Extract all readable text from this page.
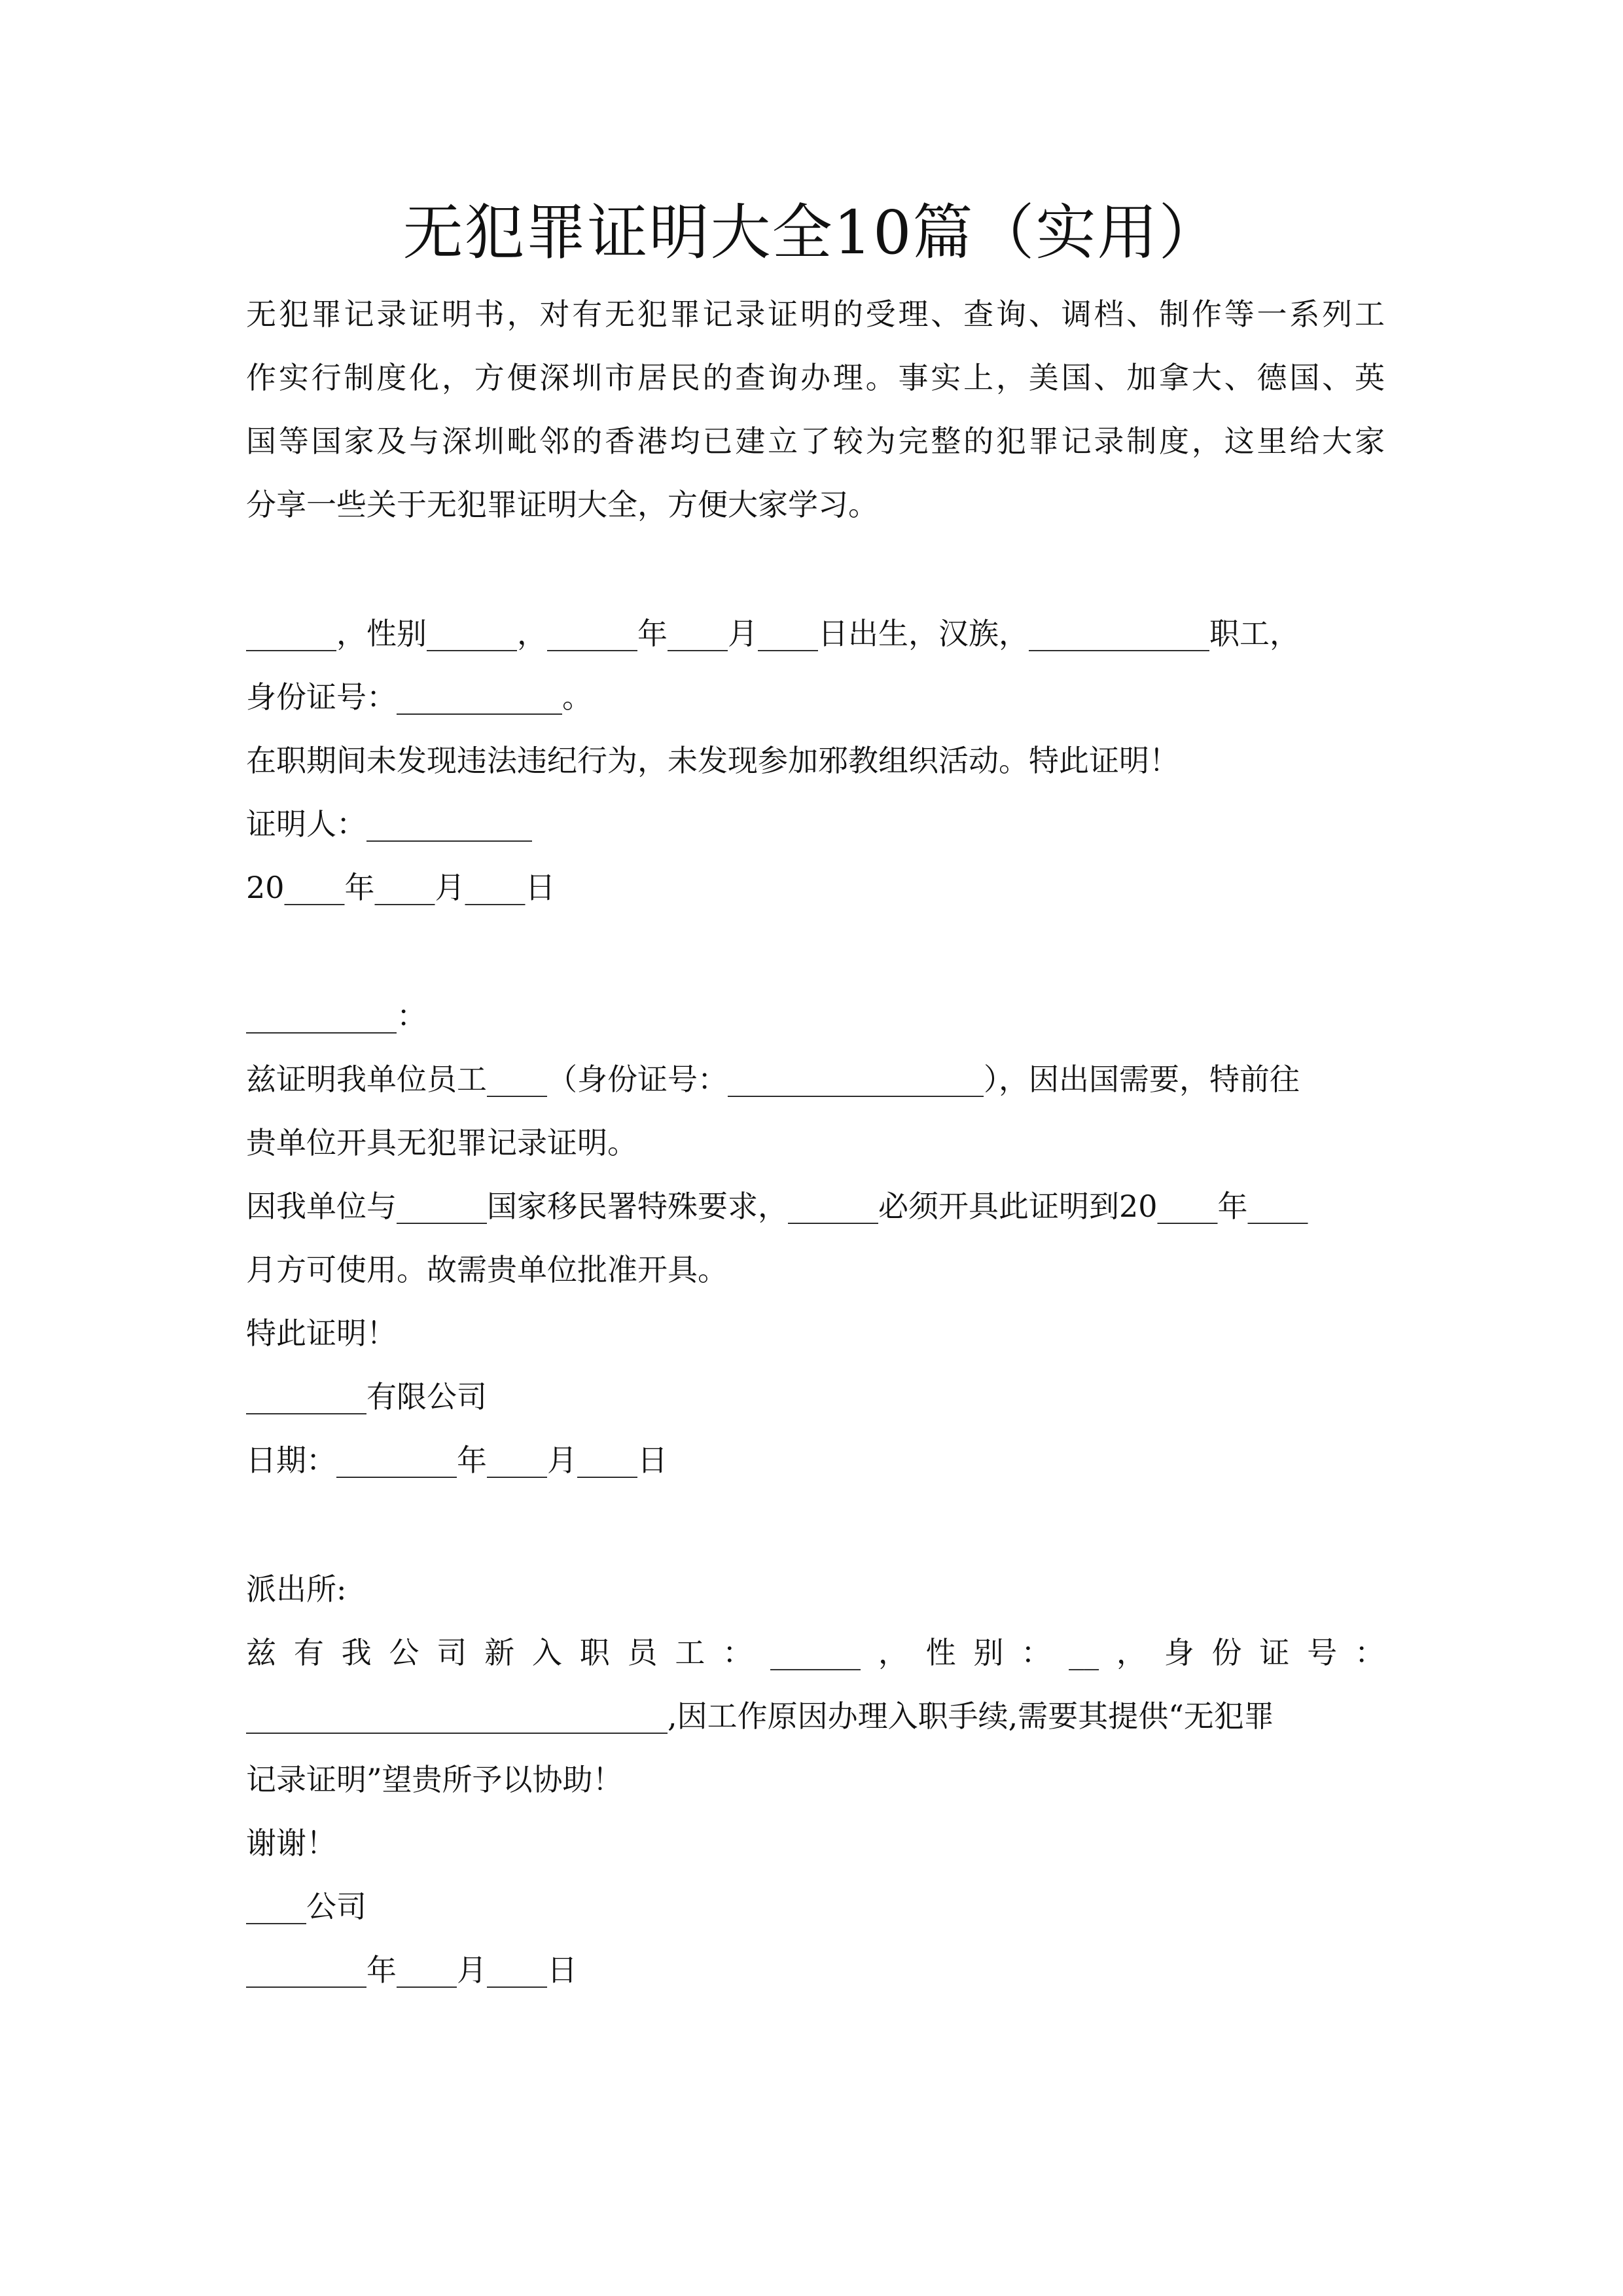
无犯罪证明大全10篇（实用）

无犯罪记录证明书，对有无犯罪记录证明的受理、查询、调档、制作等一系列工

作实行制度化，方便深圳市居民的查询办理。事实上，美国、加拿大、德国、英

国等国家及与深圳毗邻的香港均已建立了较为完整的犯罪记录制度，这里给大家

分享一些关于无犯罪证明大全，方便大家学习。

______，性别______，______年____月____日出生，汉族，____________职工，

身份证号：___________。

在职期间未发现违法违纪行为，未发现参加邪教组织活动。特此证明！

证明人：___________

20____年____月____日

__________：

兹证明我单位员工____（身份证号：_________________），因出国需要，特前往

贵单位开具无犯罪记录证明。

因我单位与______国家移民署特殊要求，______必须开具此证明到20____年____

月方可使用。故需贵单位批准开具。

特此证明！

________有限公司

日期：________年____月____日

派出所:

兹有我公司新入职员工：______，性别：__，身份证号：

____________________________,因工作原因办理入职手续,需要其提供“无犯罪

记录证明”望贵所予以协助！

谢谢！

____公司

________年____月____日
